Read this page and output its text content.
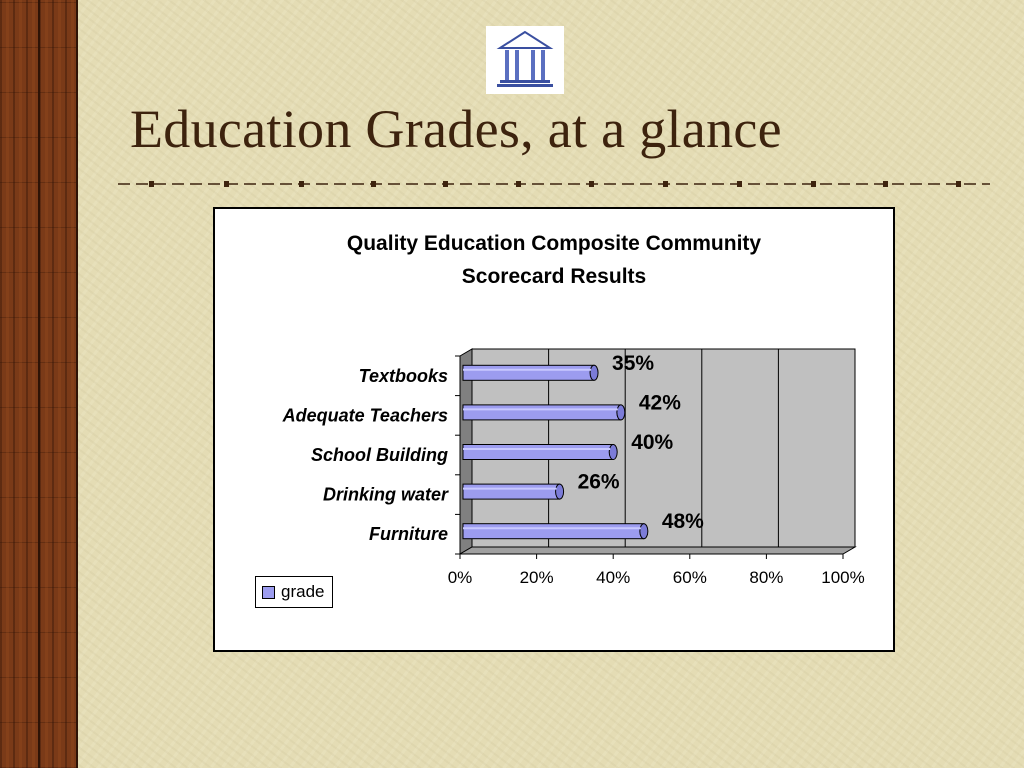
Education Grades, at a glance
Quality Education Composite Community
Scorecard Results
0%	20%	40%	60%	80% 100%
Textbooks
35%
Adequate Teachers
42%
School Building
40%
Drinking water
26%
Furniture
48%
grade
